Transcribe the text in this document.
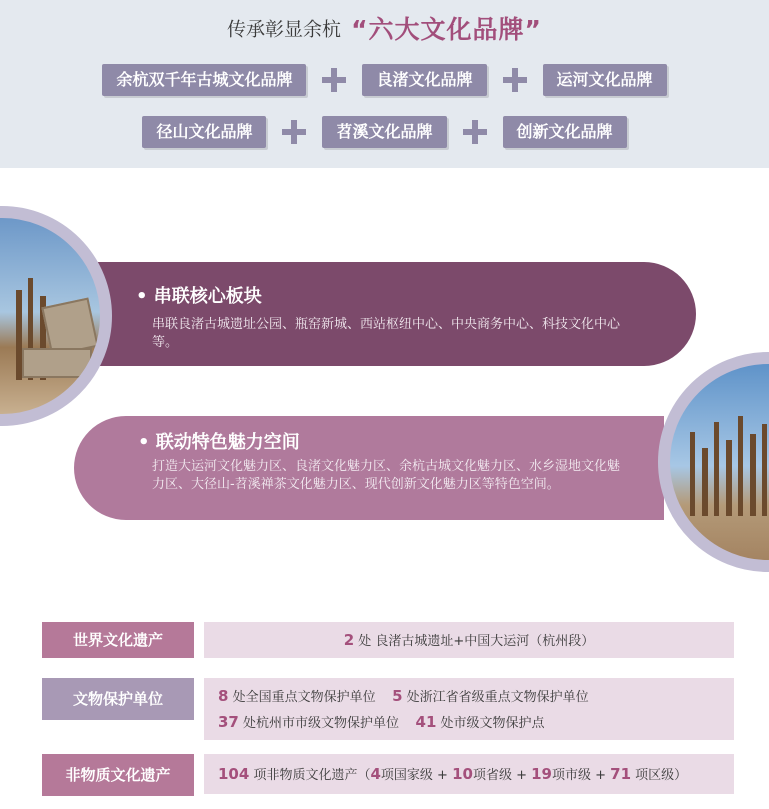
传承彰显余杭 “六大文化品牌”
余杭双千年古城文化品牌	良渚文化品牌	运河文化品牌
径山文化品牌	苕溪文化品牌	创新文化品牌
• 串联核心板块
串联良渚古城遗址公园、瓶窑新城、西站枢纽中心、中央商务中心、科技文化中心等。
• 联动特色魅力空间
打造大运河文化魅力区、良渚文化魅力区、余杭古城文化魅力区、水乡湿地文化魅力区、大径山-苕溪禅茶文化魅力区、现代创新文化魅力区等特色空间。
世界文化遗产	2 处 良渚古城遗址+中国大运河（杭州段）
文物保护单位	8 处全国重点文物保护单位 5 处浙江省省级重点文物保护单位
37 处杭州市市级文物保护单位 41 处市级文物保护点
非物质文化遗产	104 项非物质文化遗产（4项国家级 + 10项省级 + 19项市级 + 71 项区级）
